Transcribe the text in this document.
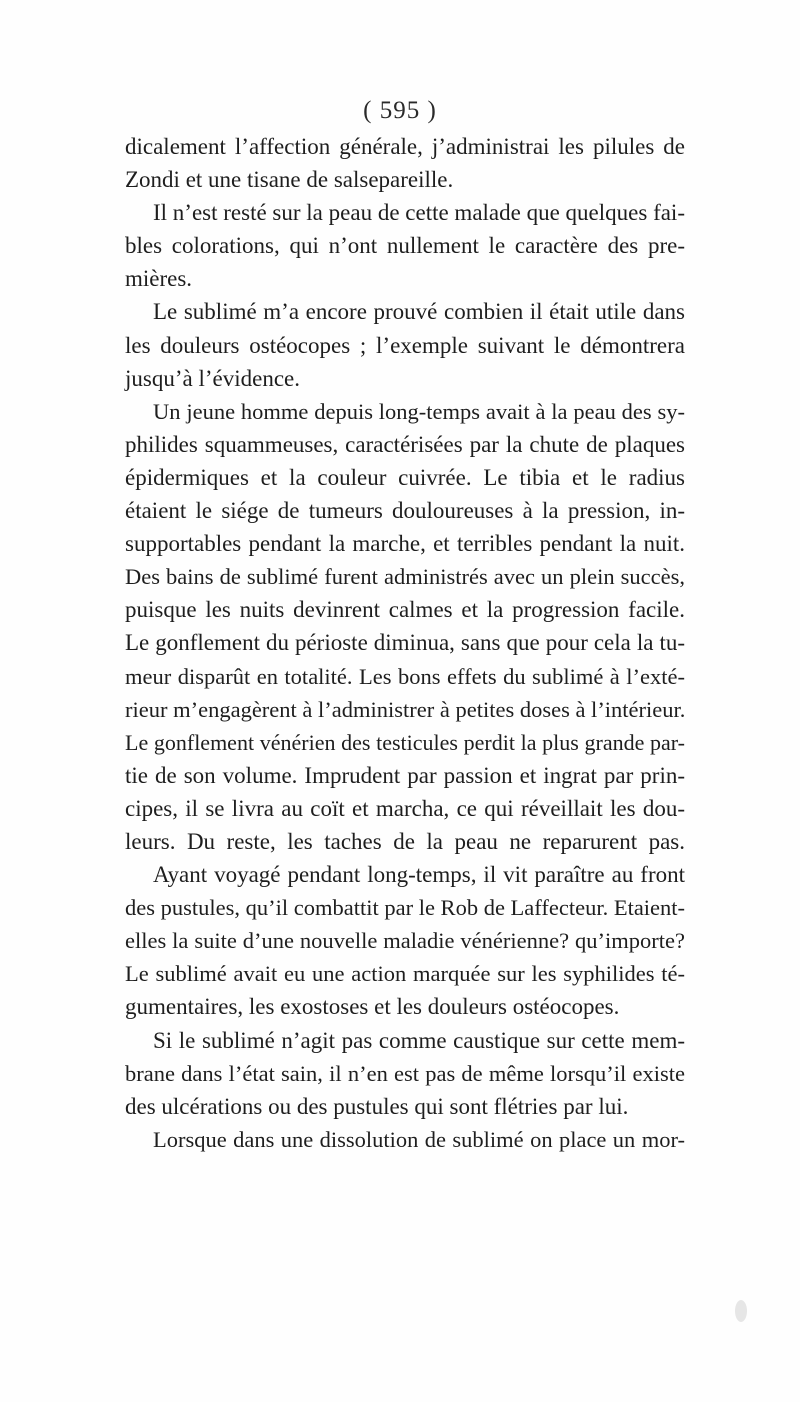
( 595 )
dicalement l’affection générale, j’administrai les pilules de
Zondi et une tisane de salsepareille.
Il n’est resté sur la peau de cette malade que quelques fai-
bles colorations, qui n’ont nullement le caractère des pre-
mières.
Le sublimé m’a encore prouvé combien il était utile dans
les douleurs ostéocopes ; l’exemple suivant le démontrera
jusqu’à l’évidence.
Un jeune homme depuis long-temps avait à la peau des sy-
philides squammeuses, caractérisées par la chute de plaques
épidermiques et la couleur cuivrée. Le tibia et le radius
étaient le siége de tumeurs douloureuses à la pression, in-
supportables pendant la marche, et terribles pendant la nuit.
Des bains de sublimé furent administrés avec un plein succès,
puisque les nuits devinrent calmes et la progression facile.
Le gonflement du périoste diminua, sans que pour cela la tu-
meur disparût en totalité. Les bons effets du sublimé à l’exté-
rieur m’engagèrent à l’administrer à petites doses à l’intérieur.
Le gonflement vénérien des testicules perdit la plus grande par-
tie de son volume. Imprudent par passion et ingrat par prin-
cipes, il se livra au coït et marcha, ce qui réveillait les dou-
leurs. Du reste, les taches de la peau ne reparurent pas.
Ayant voyagé pendant long-temps, il vit paraître au front
des pustules, qu’il combattit par le Rob de Laffecteur. Etaient-
elles la suite d’une nouvelle maladie vénérienne? qu’importe?
Le sublimé avait eu une action marquée sur les syphilides té-
gumentaires, les exostoses et les douleurs ostéocopes.
Si le sublimé n’agit pas comme caustique sur cette mem-
brane dans l’état sain, il n’en est pas de même lorsqu’il existe
des ulcérations ou des pustules qui sont flétries par lui.
Lorsque dans une dissolution de sublimé on place un mor-
